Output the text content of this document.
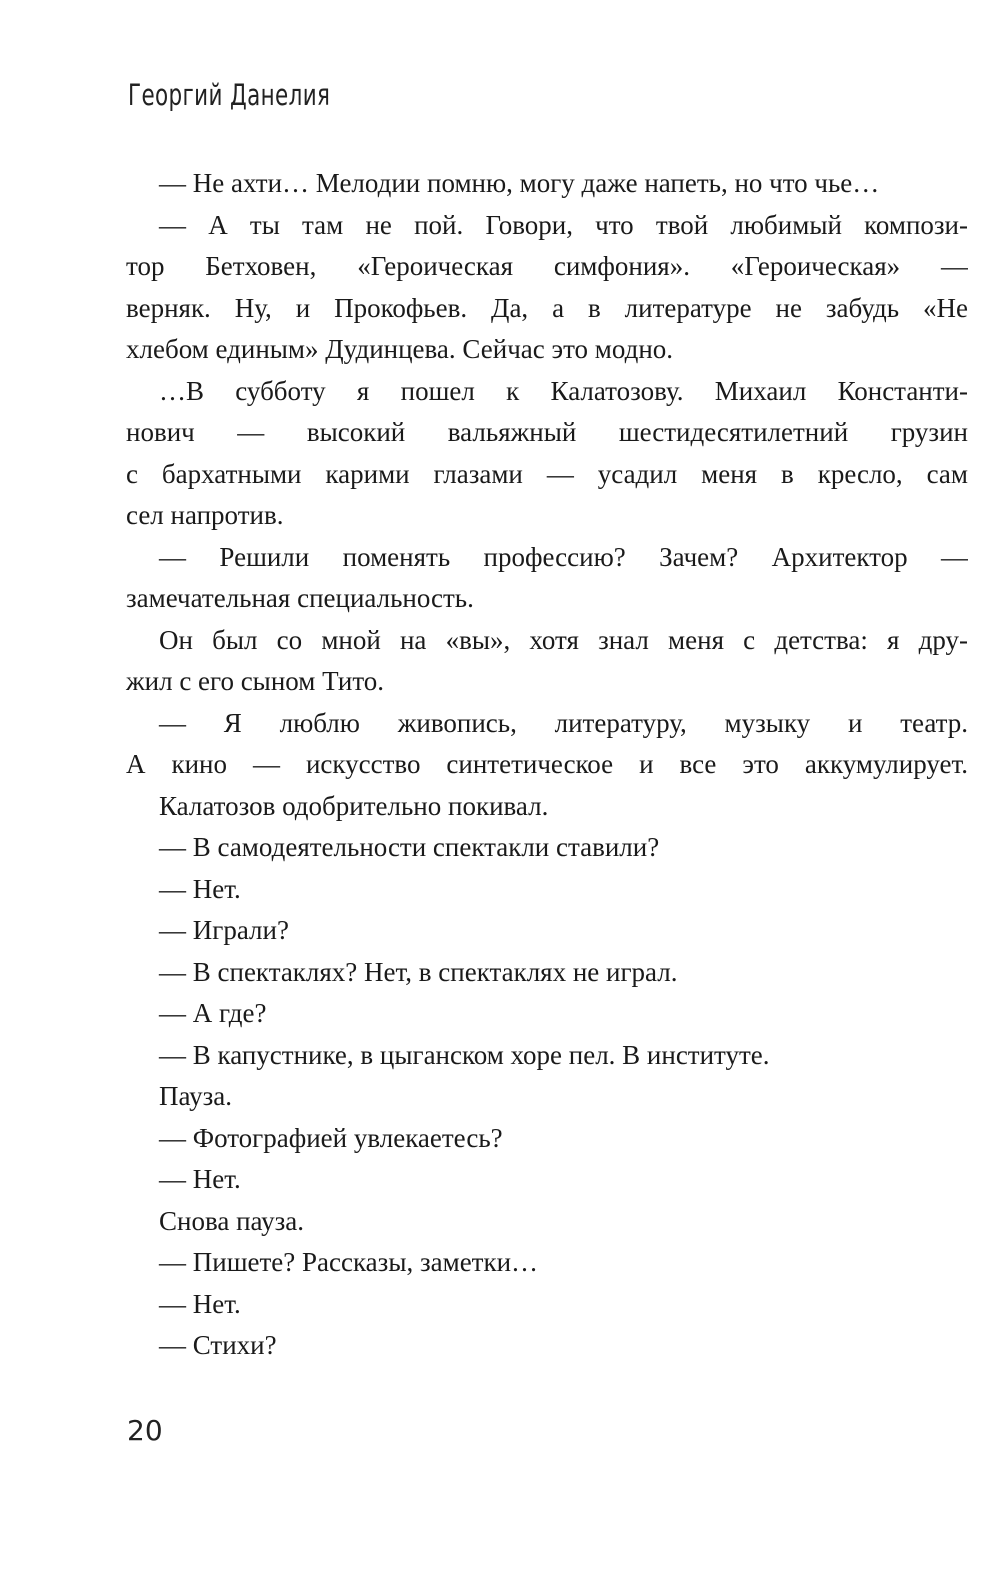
Георгий Данелия
— Не ахти… Мелодии помню, могу даже напеть, но что чье…
— А ты там не пой. Говори, что твой любимый компози-
тор Бетховен, «Героическая симфония». «Героическая» —
верняк. Ну, и Прокофьев. Да, а в литературе не забудь «Не
хлебом единым» Дудинцева. Сейчас это модно.
…В субботу я пошел к Калатозову. Михаил Константи-
нович — высокий вальяжный шестидесятилетний грузин
с бархатными карими глазами — усадил меня в кресло, сам
сел напротив.
— Решили поменять профессию? Зачем? Архитектор —
замечательная специальность.
Он был со мной на «вы», хотя знал меня с детства: я дру-
жил с его сыном Тито.
— Я люблю живопись, литературу, музыку и театр.
А кино — искусство синтетическое и все это аккумулирует.
Калатозов одобрительно покивал.
— В самодеятельности спектакли ставили?
— Нет.
— Играли?
— В спектаклях? Нет, в спектаклях не играл.
— А где?
— В капустнике, в цыганском хоре пел. В институте.
Пауза.
— Фотографией увлекаетесь?
— Нет.
Снова пауза.
— Пишете? Рассказы, заметки…
— Нет.
— Стихи?
20
